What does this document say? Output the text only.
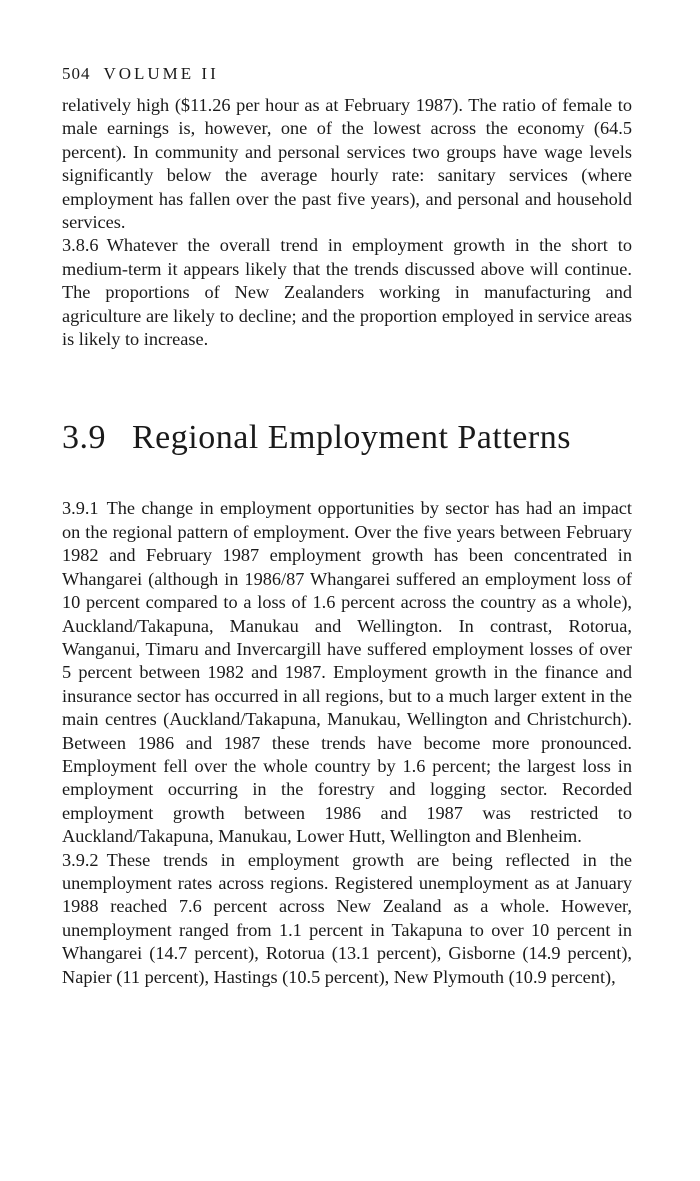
504 VOLUME II

relatively high ($11.26 per hour as at February 1987). The ratio of female to male earnings is, however, one of the lowest across the economy (64.5 percent). In community and personal services two groups have wage levels significantly below the average hourly rate: sanitary services (where employment has fallen over the past five years), and personal and household services.

3.8.6 Whatever the overall trend in employment growth in the short to medium-term it appears likely that the trends discussed above will continue. The proportions of New Zealanders working in manufacturing and agriculture are likely to decline; and the proportion employed in service areas is likely to increase.

3.9 Regional Employment Patterns

3.9.1 The change in employment opportunities by sector has had an impact on the regional pattern of employment. Over the five years between February 1982 and February 1987 employment growth has been concentrated in Whangarei (although in 1986/87 Whangarei suffered an employment loss of 10 percent compared to a loss of 1.6 percent across the country as a whole), Auckland/Takapuna, Manukau and Wellington. In contrast, Rotorua, Wanganui, Timaru and Invercargill have suffered employment losses of over 5 percent between 1982 and 1987. Employment growth in the finance and insurance sector has occurred in all regions, but to a much larger extent in the main centres (Auckland/Takapuna, Manukau, Wellington and Christchurch). Between 1986 and 1987 these trends have become more pronounced. Employment fell over the whole country by 1.6 percent; the largest loss in employment occurring in the forestry and logging sector. Recorded employment growth between 1986 and 1987 was restricted to Auckland/Takapuna, Manukau, Lower Hutt, Wellington and Blenheim.

3.9.2 These trends in employment growth are being reflected in the unemployment rates across regions. Registered unemployment as at January 1988 reached 7.6 percent across New Zealand as a whole. However, unemployment ranged from 1.1 percent in Takapuna to over 10 percent in Whangarei (14.7 percent), Rotorua (13.1 percent), Gisborne (14.9 percent), Napier (11 percent), Hastings (10.5 percent), New Plymouth (10.9 percent),
